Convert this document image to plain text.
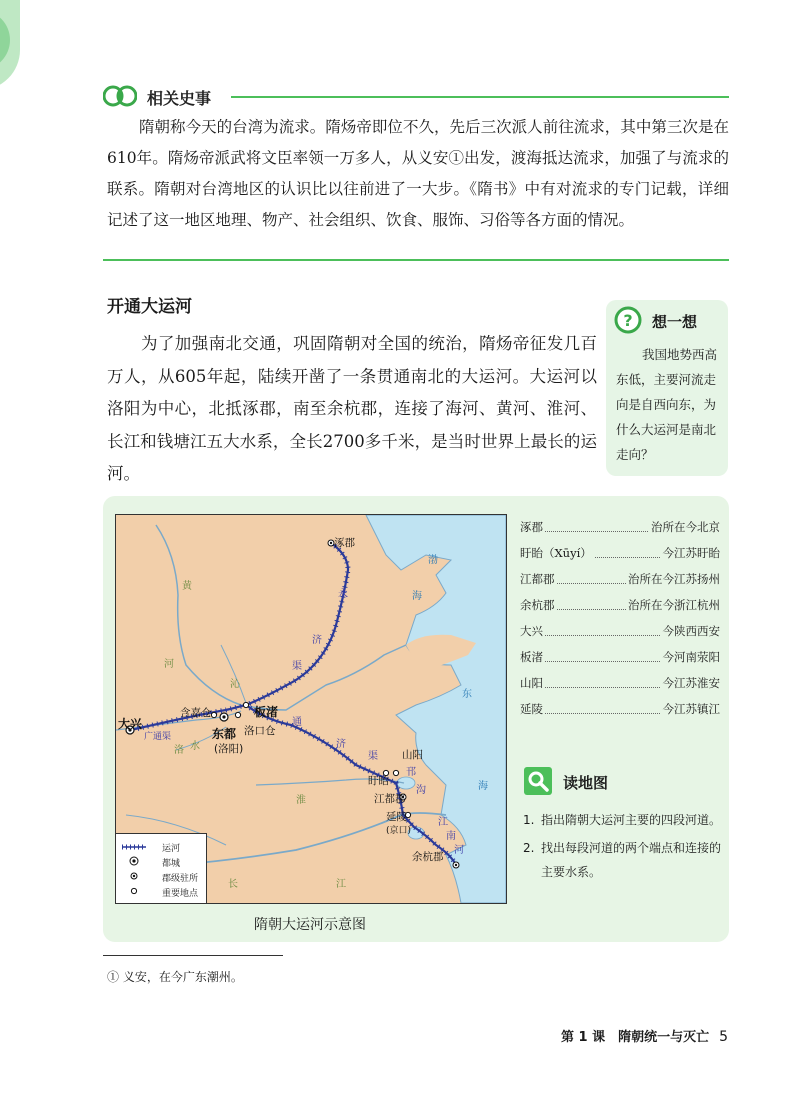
相关史事

隋朝称今天的台湾为流求。隋炀帝即位不久，先后三次派人前往流求，其中第三次是在610年。隋炀帝派武将文臣率领一万多人，从义安①出发，渡海抵达流求，加强了与流求的联系。隋朝对台湾地区的认识比以往前进了一大步。《隋书》中有对流求的专门记载，详细记述了这一地区地理、物产、社会组织、饮食、服饰、习俗等各方面的情况。

开通大运河

为了加强南北交通，巩固隋朝对全国的统治，隋炀帝征发几百万人，从605年起，陆续开凿了一条贯通南北的大运河。大运河以洛阳为中心，北抵涿郡，南至余杭郡，连接了海河、黄河、淮河、长江和钱塘江五大水系，全长2700多千米，是当时世界上最长的运河。

? 想一想

我国地势西高东低，主要河流走向是自西向东，为什么大运河是南北走向？

涿郡
大兴
含嘉仓	板渚
东都
(洛阳)
洛口仓
山阳
盱眙
江都郡
延陵
(京口)
余杭郡
渤
海
东
海
黄
河
长	江
淮
洛 水
沁
广通渠
永
济
渠
通
济
渠
邗
沟
江
南
河
运河
都城
郡级驻所
重要地点
隋朝大运河示意图
涿郡	治所在今北京
盱眙（Xūyí）	今江苏盱眙
江都郡	治所在今江苏扬州
余杭郡	治所在今浙江杭州
大兴	今陕西西安
板渚	今河南荥阳
山阳	今江苏淮安
延陵	今江苏镇江
读地图
1. 指出隋朝大运河主要的四段河道。
2. 找出每段河道的两个端点和连接的主要水系。
① 义安，在今广东潮州。
第 1 课　隋朝统一与灭亡 5
